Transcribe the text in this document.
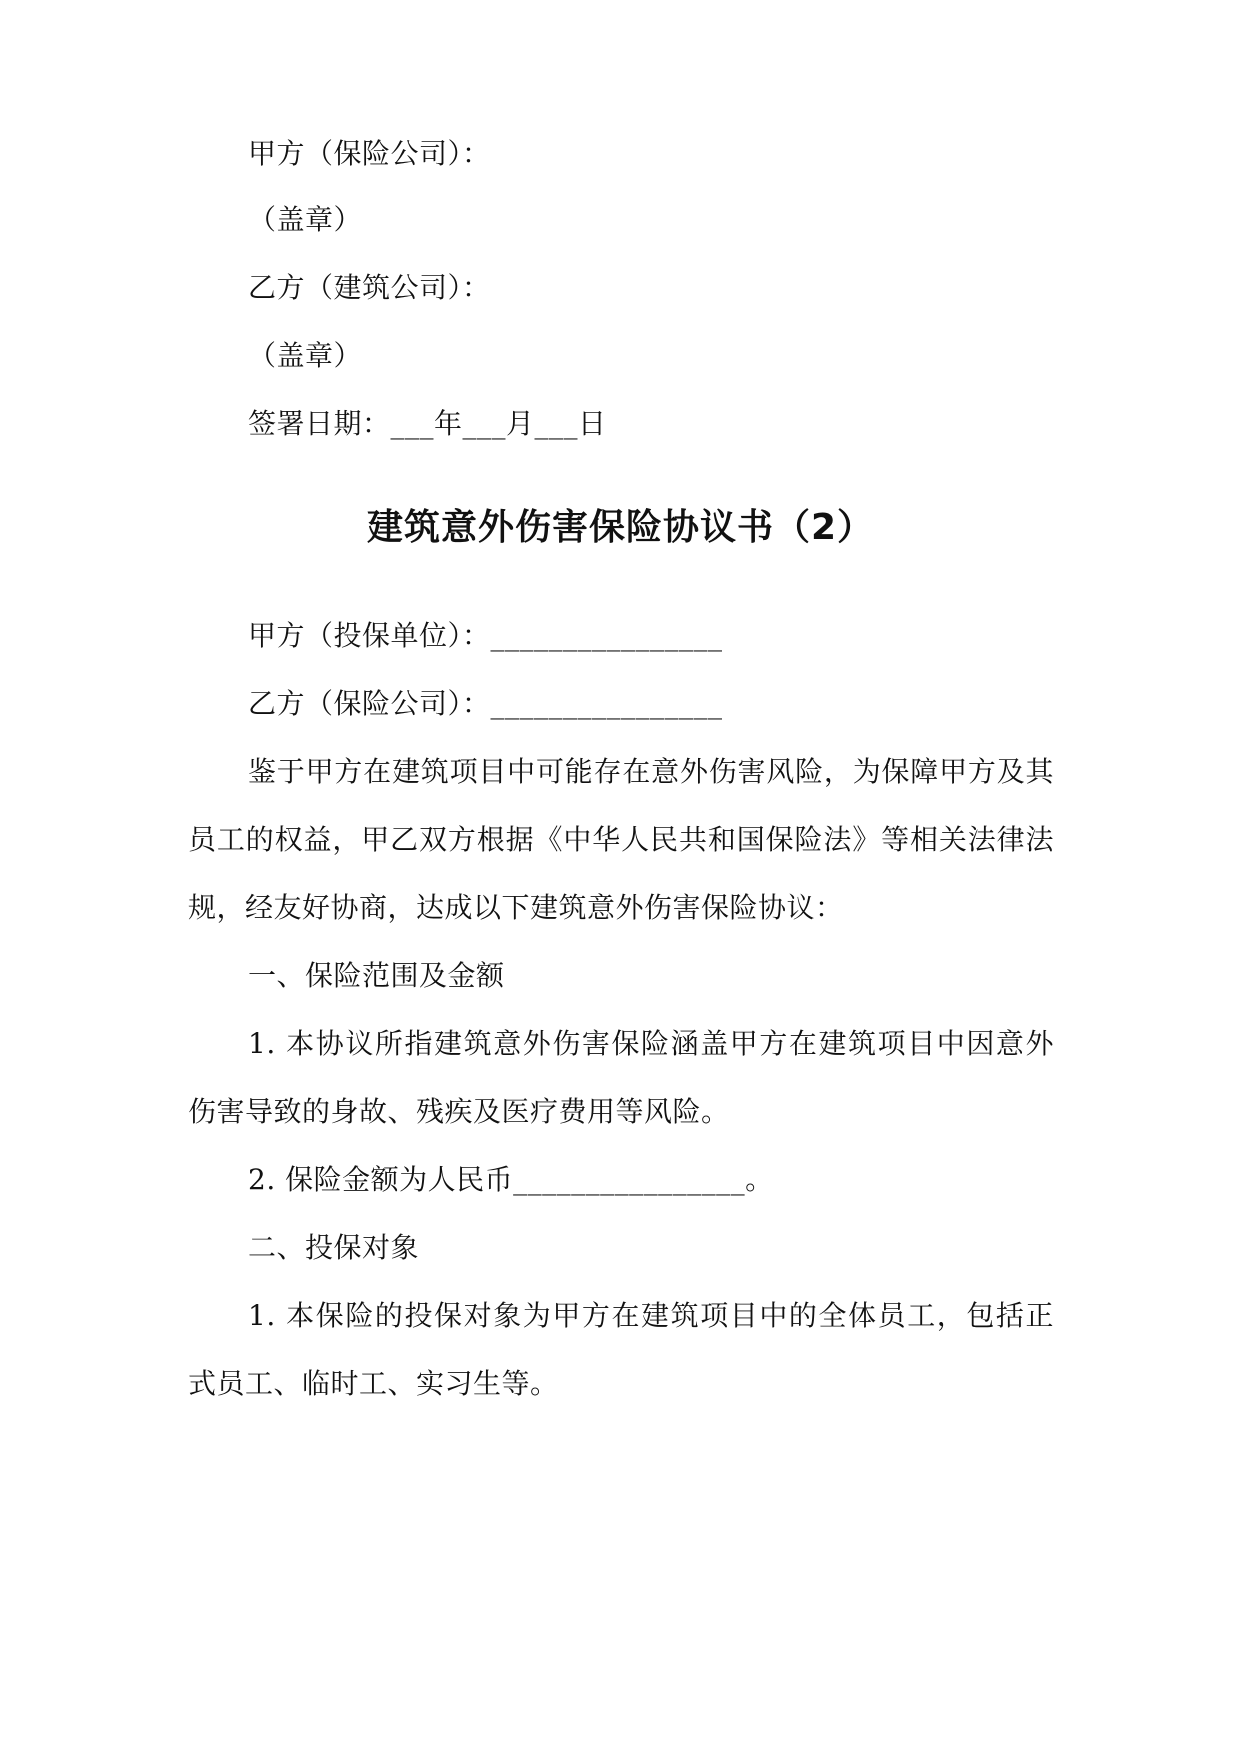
甲方（保险公司）：
（盖章）
乙方（建筑公司）：
（盖章）
签署日期：___年___月___日
建筑意外伤害保险协议书（2）
甲方（投保单位）：________________
乙方（保险公司）：________________
鉴于甲方在建筑项目中可能存在意外伤害风险，为保障甲方及其
员工的权益，甲乙双方根据《中华人民共和国保险法》等相关法律法
规，经友好协商，达成以下建筑意外伤害保险协议：
一、保险范围及金额
1. 本协议所指建筑意外伤害保险涵盖甲方在建筑项目中因意外
伤害导致的身故、残疾及医疗费用等风险。
2. 保险金额为人民币________________。
二、投保对象
1. 本保险的投保对象为甲方在建筑项目中的全体员工，包括正
式员工、临时工、实习生等。
